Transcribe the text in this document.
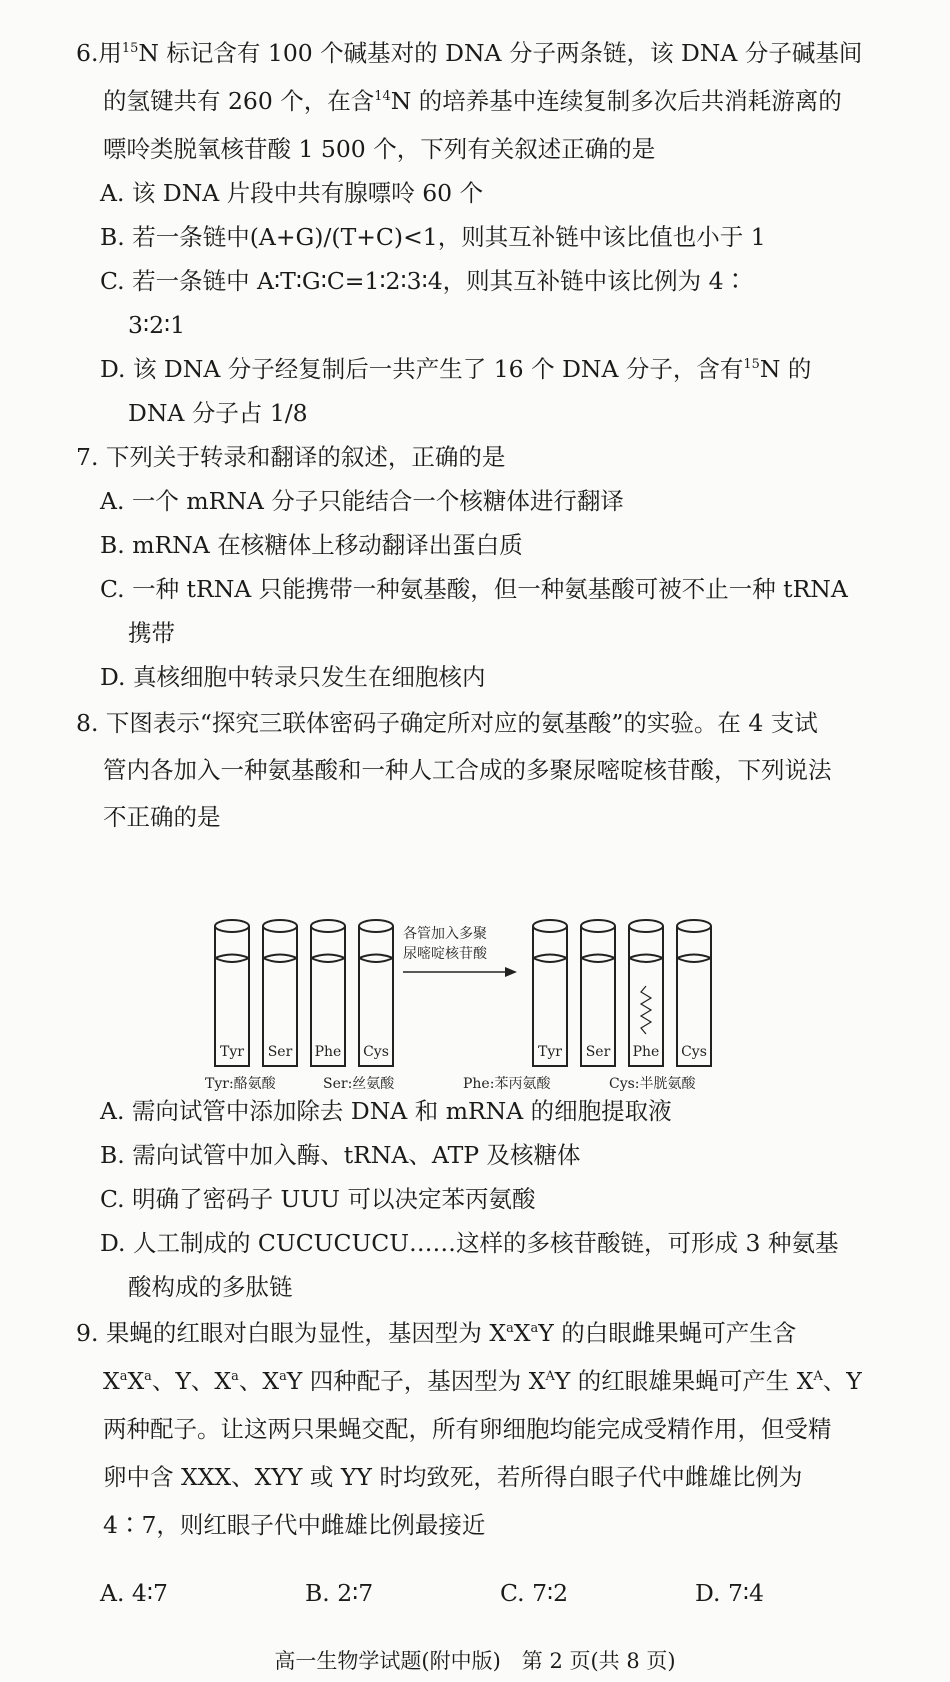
6.用$^{15}$N 标记含有 100 个碱基对的 DNA 分子两条链，该 DNA 分子碱基间
的氢键共有 260 个，在含$^{14}$N 的培养基中连续复制多次后共消耗游离的
嘌呤类脱氧核苷酸 1 500 个，下列有关叙述正确的是
A. 该 DNA 片段中共有腺嘌呤 60 个
B. 若一条链中(A+G)/(T+C)<1，则其互补链中该比值也小于 1
C. 若一条链中 A∶T∶G∶C=1∶2∶3∶4，则其互补链中该比例为 4∶
3∶2∶1
D. 该 DNA 分子经复制后一共产生了 16 个 DNA 分子，含有$^{15}$N 的
DNA 分子占 1/8
7. 下列关于转录和翻译的叙述，正确的是
A. 一个 mRNA 分子只能结合一个核糖体进行翻译
B. mRNA 在核糖体上移动翻译出蛋白质
C. 一种 tRNA 只能携带一种氨基酸，但一种氨基酸可被不止一种 tRNA
携带
D. 真核细胞中转录只发生在细胞核内
8. 下图表示“探究三联体密码子确定所对应的氨基酸”的实验。在 4 支试
管内各加入一种氨基酸和一种人工合成的多聚尿嘧啶核苷酸，下列说法
不正确的是
Tyr Ser Phe Cys
各管加入多聚
尿嘧啶核苷酸
Tyr Ser Phe Cys
Tyr:酪氨酸	Ser:丝氨酸	Phe:苯丙氨酸	Cys:半胱氨酸
A. 需向试管中添加除去 DNA 和 mRNA 的细胞提取液
B. 需向试管中加入酶、tRNA、ATP 及核糖体
C. 明确了密码子 UUU 可以决定苯丙氨酸
D. 人工制成的 CUCUCUCU……这样的多核苷酸链，可形成 3 种氨基
酸构成的多肽链
9. 果蝇的红眼对白眼为显性，基因型为 $X^aX^aY$ 的白眼雌果蝇可产生含
$X^aX^a$、Y、$X^a$、$X^aY$ 四种配子，基因型为 $X^AY$ 的红眼雄果蝇可产生 $X^A$、Y
两种配子。让这两只果蝇交配，所有卵细胞均能完成受精作用，但受精
卵中含 XXX、XYY 或 YY 时均致死，若所得白眼子代中雌雄比例为
4∶7，则红眼子代中雌雄比例最接近
A. 4∶7	B. 2∶7	C. 7∶2	D. 7∶4
高一生物学试题(附中版)　第 2 页(共 8 页)
